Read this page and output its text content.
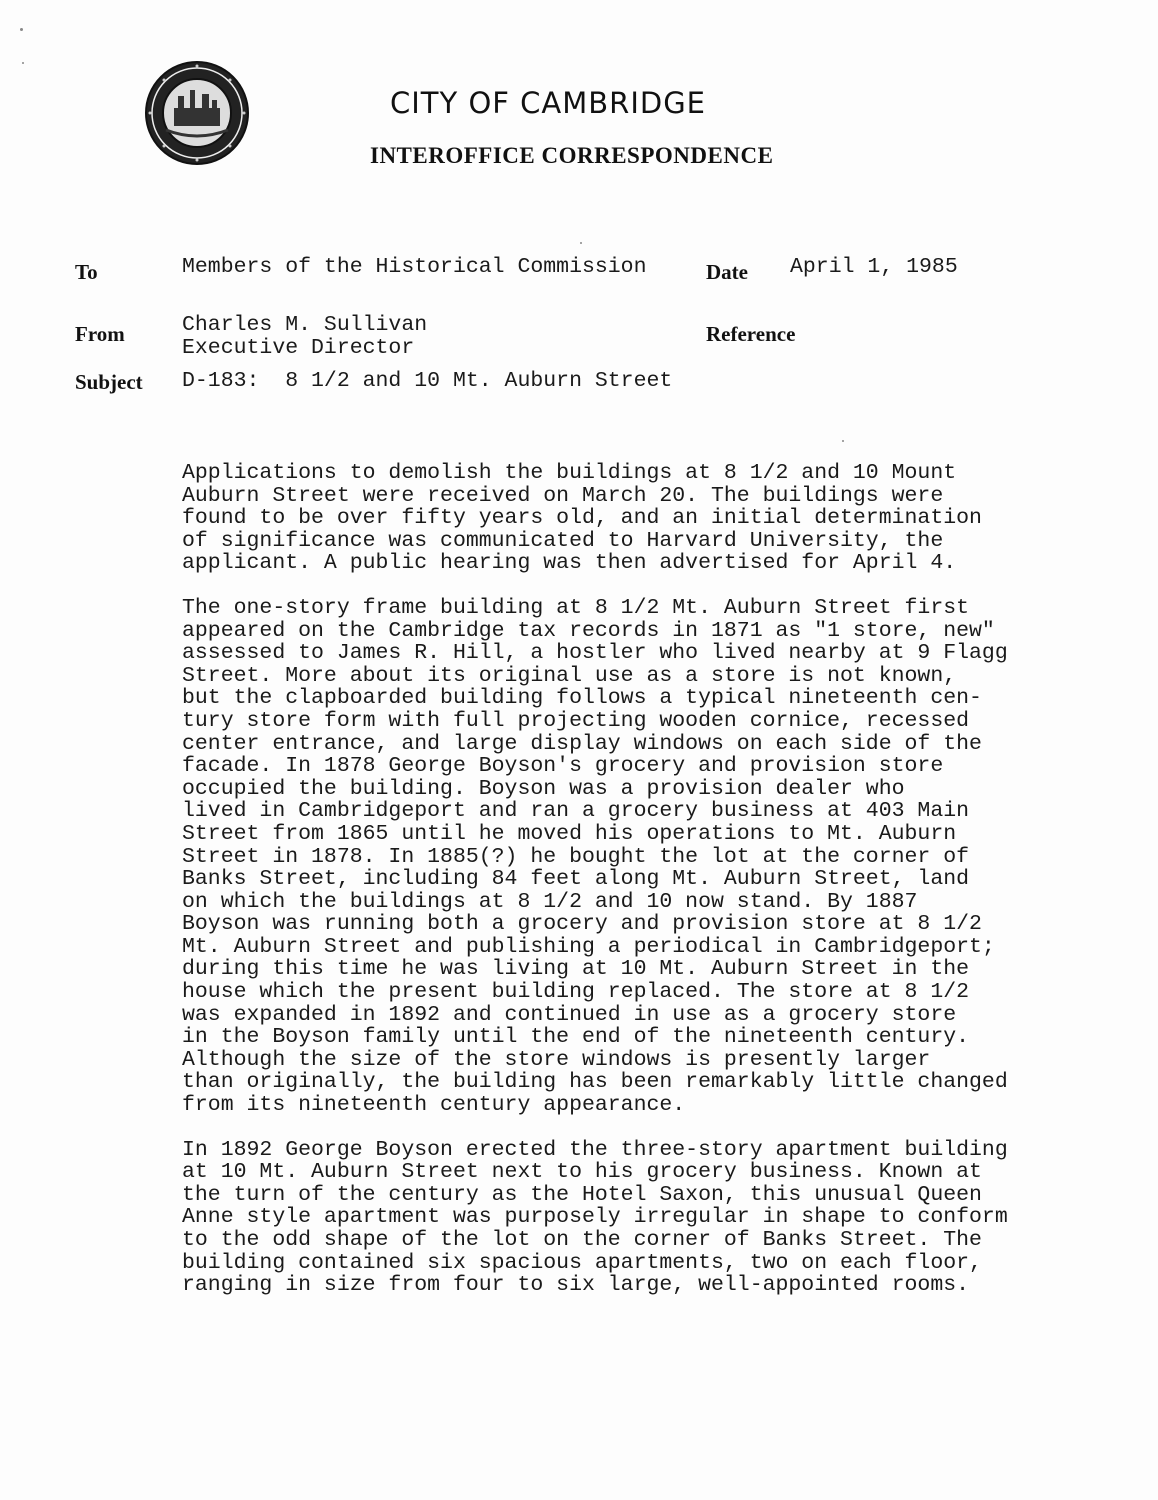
CITY OF CAMBRIDGE
INTEROFFICE CORRESPONDENCE
To	Members of the Historical Commission	Date April 1, 1985
From	Charles M. Sullivan
Executive Director
Reference
Subject D-183:  8 1/2 and 10 Mt. Auburn Street

Applications to demolish the buildings at 8 1/2 and 10 Mount
Auburn Street were received on March 20. The buildings were
found to be over fifty years old, and an initial determination
of significance was communicated to Harvard University, the
applicant. A public hearing was then advertised for April 4.

The one-story frame building at 8 1/2 Mt. Auburn Street first
appeared on the Cambridge tax records in 1871 as "1 store, new"
assessed to James R. Hill, a hostler who lived nearby at 9 Flagg
Street. More about its original use as a store is not known,
but the clapboarded building follows a typical nineteenth cen-
tury store form with full projecting wooden cornice, recessed
center entrance, and large display windows on each side of the
facade. In 1878 George Boyson's grocery and provision store
occupied the building. Boyson was a provision dealer who
lived in Cambridgeport and ran a grocery business at 403 Main
Street from 1865 until he moved his operations to Mt. Auburn
Street in 1878. In 1885(?) he bought the lot at the corner of
Banks Street, including 84 feet along Mt. Auburn Street, land
on which the buildings at 8 1/2 and 10 now stand. By 1887
Boyson was running both a grocery and provision store at 8 1/2
Mt. Auburn Street and publishing a periodical in Cambridgeport;
during this time he was living at 10 Mt. Auburn Street in the
house which the present building replaced. The store at 8 1/2
was expanded in 1892 and continued in use as a grocery store
in the Boyson family until the end of the nineteenth century.
Although the size of the store windows is presently larger
than originally, the building has been remarkably little changed
from its nineteenth century appearance.

In 1892 George Boyson erected the three-story apartment building
at 10 Mt. Auburn Street next to his grocery business. Known at
the turn of the century as the Hotel Saxon, this unusual Queen
Anne style apartment was purposely irregular in shape to conform
to the odd shape of the lot on the corner of Banks Street. The
building contained six spacious apartments, two on each floor,
ranging in size from four to six large, well-appointed rooms.
